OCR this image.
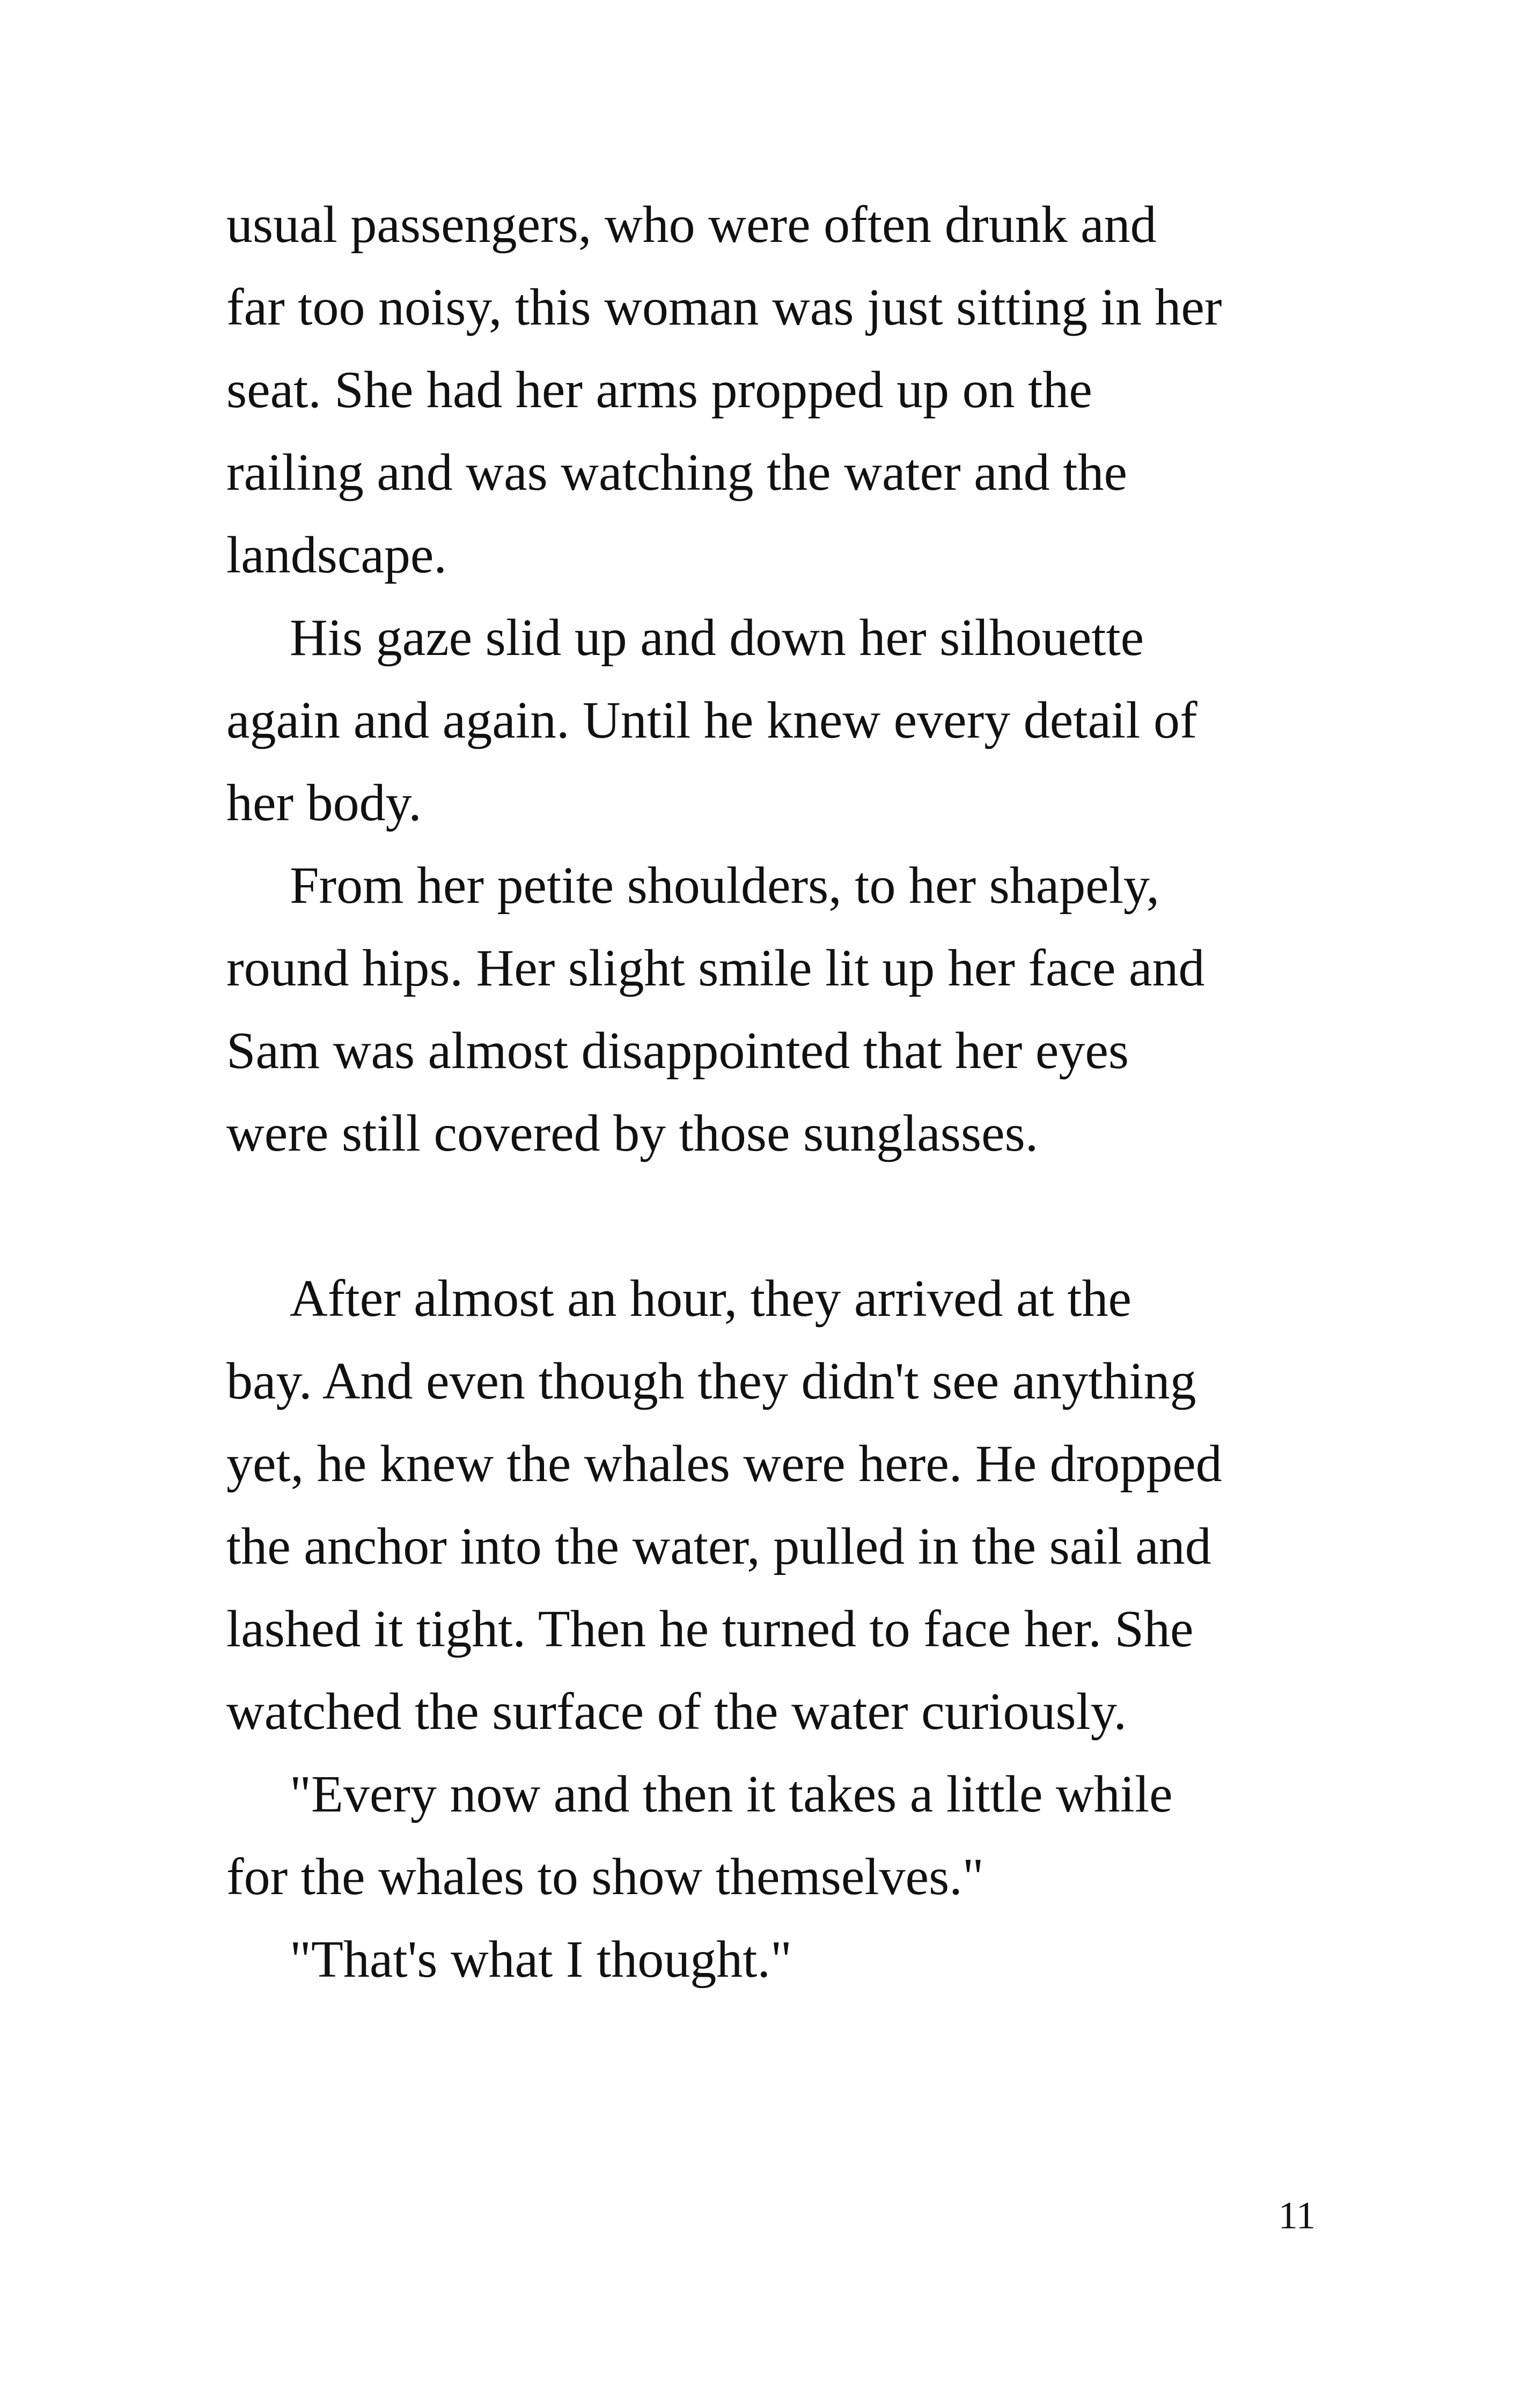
usual passengers, who were often drunk and
far too noisy, this woman was just sitting in her
seat. She had her arms propped up on the
railing and was watching the water and the
landscape.

His gaze slid up and down her silhouette
again and again. Until he knew every detail of
her body.

From her petite shoulders, to her shapely,
round hips. Her slight smile lit up her face and
Sam was almost disappointed that her eyes
were still covered by those sunglasses.

After almost an hour, they arrived at the
bay. And even though they didn't see anything
yet, he knew the whales were here. He dropped
the anchor into the water, pulled in the sail and
lashed it tight. Then he turned to face her. She
watched the surface of the water curiously.

"Every now and then it takes a little while
for the whales to show themselves."

"That's what I thought."

11
